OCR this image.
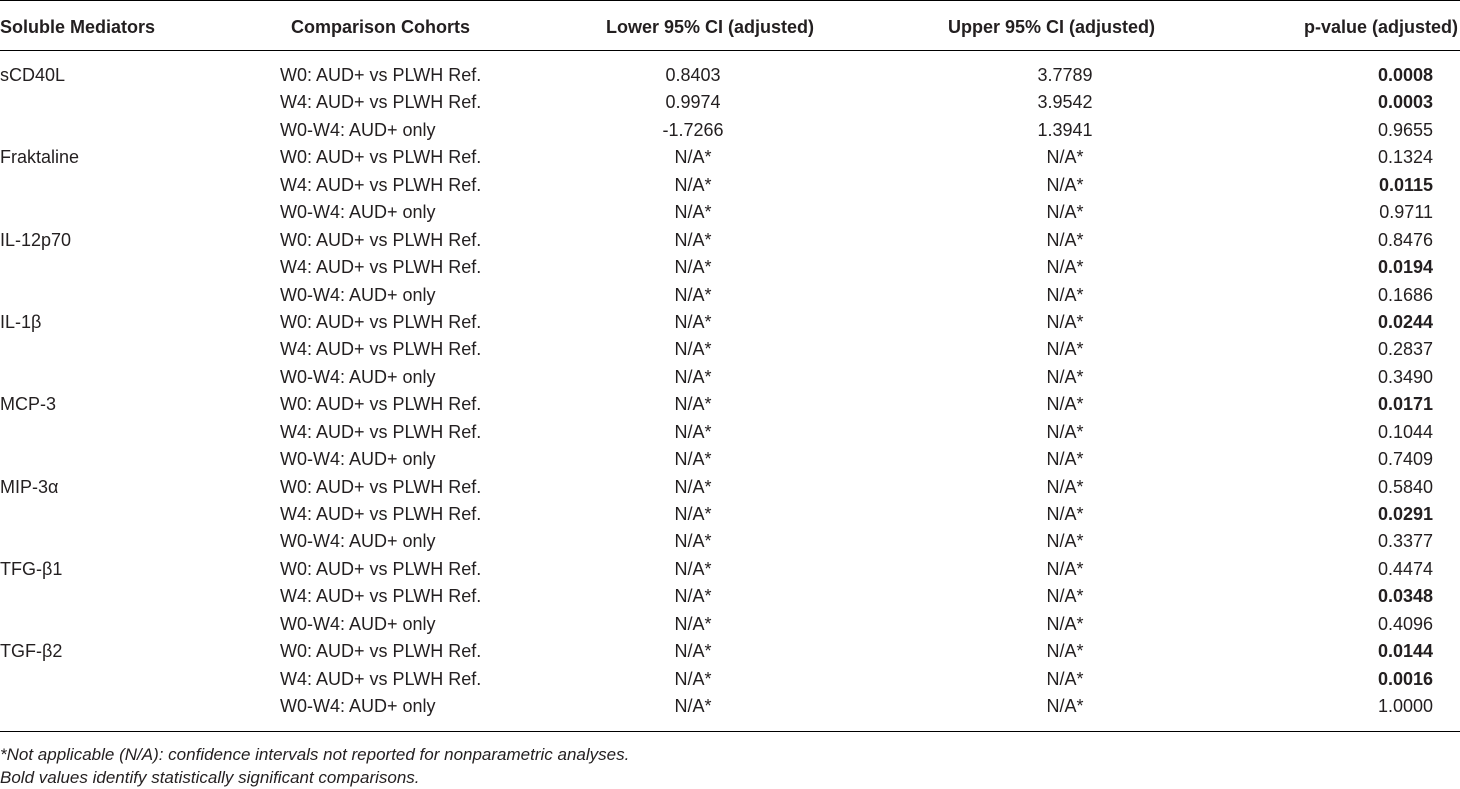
Soluble Mediators	Comparison Cohorts	Lower 95% CI (adjusted)	Upper 95% CI (adjusted)	p-value (adjusted)
sCD40L	W0: AUD+ vs PLWH Ref.	0.8403	3.7789	0.0008
W4: AUD+ vs PLWH Ref.	0.9974	3.9542	0.0003
W0-W4: AUD+ only	-1.7266	1.3941	0.9655
Fraktaline	W0: AUD+ vs PLWH Ref.	N/A*	N/A*	0.1324
W4: AUD+ vs PLWH Ref.	N/A*	N/A*	0.0115
W0-W4: AUD+ only	N/A*	N/A*	0.9711
IL-12p70	W0: AUD+ vs PLWH Ref.	N/A*	N/A*	0.8476
W4: AUD+ vs PLWH Ref.	N/A*	N/A*	0.0194
W0-W4: AUD+ only	N/A*	N/A*	0.1686
IL-1β	W0: AUD+ vs PLWH Ref.	N/A*	N/A*	0.0244
W4: AUD+ vs PLWH Ref.	N/A*	N/A*	0.2837
W0-W4: AUD+ only	N/A*	N/A*	0.3490
MCP-3	W0: AUD+ vs PLWH Ref.	N/A*	N/A*	0.0171
W4: AUD+ vs PLWH Ref.	N/A*	N/A*	0.1044
W0-W4: AUD+ only	N/A*	N/A*	0.7409
MIP-3α	W0: AUD+ vs PLWH Ref.	N/A*	N/A*	0.5840
W4: AUD+ vs PLWH Ref.	N/A*	N/A*	0.0291
W0-W4: AUD+ only	N/A*	N/A*	0.3377
TFG-β1	W0: AUD+ vs PLWH Ref.	N/A*	N/A*	0.4474
W4: AUD+ vs PLWH Ref.	N/A*	N/A*	0.0348
W0-W4: AUD+ only	N/A*	N/A*	0.4096
TGF-β2	W0: AUD+ vs PLWH Ref.	N/A*	N/A*	0.0144
W4: AUD+ vs PLWH Ref.	N/A*	N/A*	0.0016
W0-W4: AUD+ only	N/A*	N/A*	1.0000
*Not applicable (N/A): confidence intervals not reported for nonparametric analyses.
Bold values identify statistically significant comparisons.
